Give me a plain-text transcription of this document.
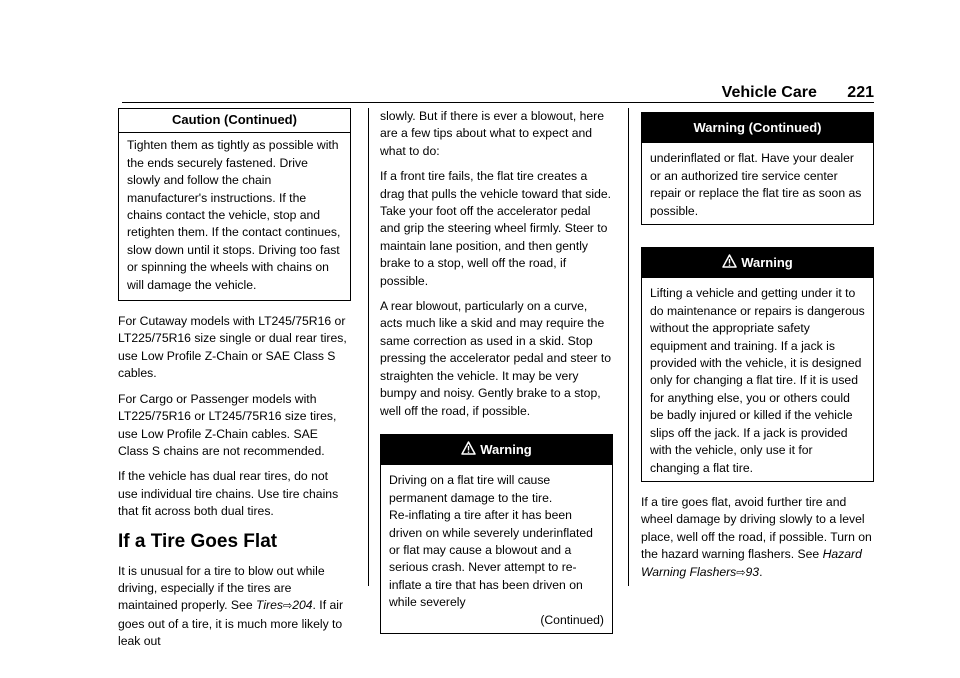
Vehicle Care 221
Caution (Continued)
Tighten them as tightly as possible with the ends securely fastened. Drive slowly and follow the chain manufacturer's instructions. If the chains contact the vehicle, stop and retighten them. If the contact continues, slow down until it stops. Driving too fast or spinning the wheels with chains on will damage the vehicle.

For Cutaway models with LT245/75R16 or LT225/75R16 size single or dual rear tires, use Low Profile Z-Chain or SAE Class S cables.

For Cargo or Passenger models with LT225/75R16 or LT245/75R16 size tires, use Low Profile Z-Chain cables. SAE Class S chains are not recommended.

If the vehicle has dual rear tires, do not use individual tire chains. Use tire chains that fit across both dual tires.

If a Tire Goes Flat

It is unusual for a tire to blow out while driving, especially if the tires are maintained properly. See Tires⇨204. If air goes out of a tire, it is much more likely to leak out

slowly. But if there is ever a blowout, here are a few tips about what to expect and what to do:

If a front tire fails, the flat tire creates a drag that pulls the vehicle toward that side. Take your foot off the accelerator pedal and grip the steering wheel firmly. Steer to maintain lane position, and then gently brake to a stop, well off the road, if possible.

A rear blowout, particularly on a curve, acts much like a skid and may require the same correction as used in a skid. Stop pressing the accelerator pedal and steer to straighten the vehicle. It may be very bumpy and noisy. Gently brake to a stop, well off the road, if possible.

Warning
Driving on a flat tire will cause permanent damage to the tire.
Re-inflating a tire after it has been driven on while severely underinflated or flat may cause a blowout and a serious crash. Never attempt to re-inflate a tire that has been driven on while severely
(Continued)
Warning (Continued)
underinflated or flat. Have your dealer or an authorized tire service center repair or replace the flat tire as soon as possible.
Warning
Lifting a vehicle and getting under it to do maintenance or repairs is dangerous without the appropriate safety equipment and training. If a jack is provided with the vehicle, it is designed only for changing a flat tire. If it is used for anything else, you or others could be badly injured or killed if the vehicle slips off the jack. If a jack is provided with the vehicle, only use it for changing a flat tire.

If a tire goes flat, avoid further tire and wheel damage by driving slowly to a level place, well off the road, if possible. Turn on the hazard warning flashers. See Hazard Warning Flashers⇨93.
